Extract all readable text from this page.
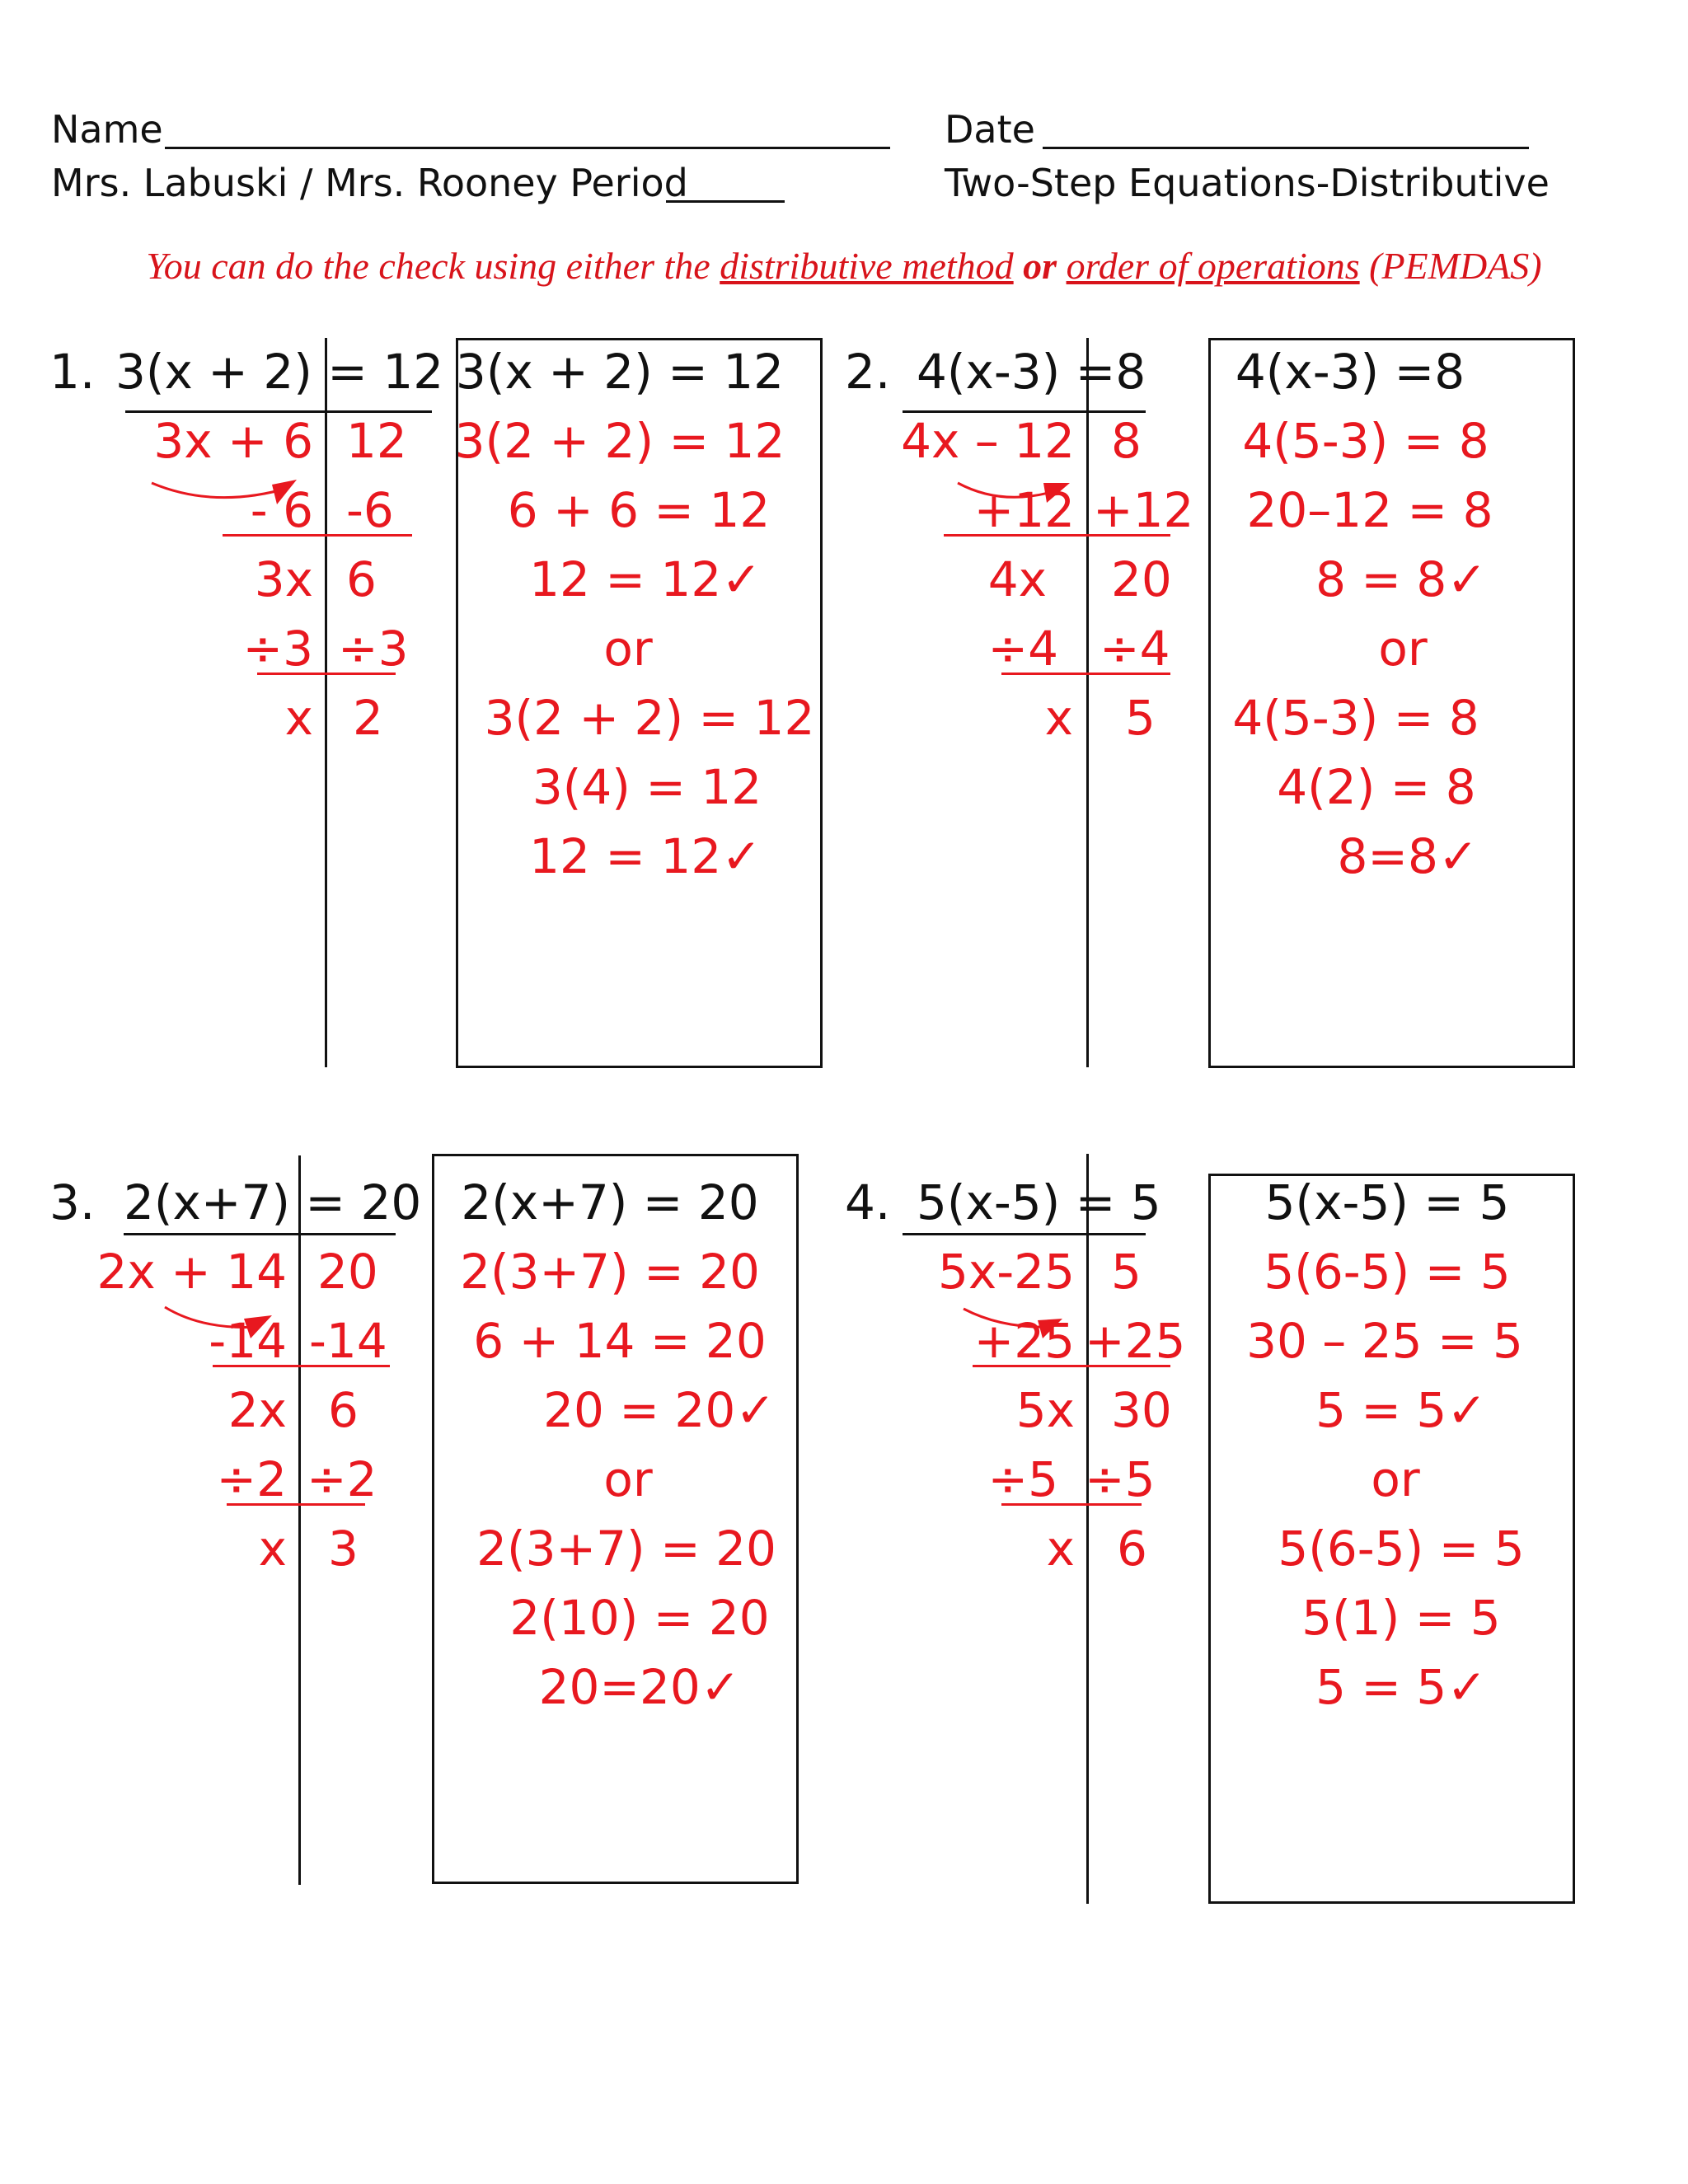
Name	Date
Mrs. Labuski / Mrs. Rooney Period	Two-Step Equations-Distributive
You can do the check using either the distributive method or order of operations (PEMDAS)
1. 3(x + 2) = 12
3x + 6 12
- 6 -6
3x 6
÷3 ÷3
x 2
3(x + 2) = 12
3(2 + 2) = 12
6 + 6 = 12
12 = 12✓
or
3(2 + 2) = 12
3(4) = 12
12 = 12✓
2. 4(x-3) =8
4x – 12 8
+12 +12
4x 20
÷4 ÷4
x 5
4(x-3) =8
4(5-3) = 8
20–12 = 8
8 = 8✓
or
4(5-3) = 8
4(2) = 8
8=8✓
3. 2(x+7) = 20
2x + 14 20
-14 -14
2x 6
÷2 ÷2
x 3
2(x+7) = 20
2(3+7) = 20
6 + 14 = 20
20 = 20✓
or
2(3+7) = 20
2(10) = 20
20=20✓
4. 5(x-5) = 5
5x-25 5
+25 +25
5x 30
÷5 ÷5
x 6
5(x-5) = 5
5(6-5) = 5
30 – 25 = 5
5 = 5✓
or
5(6-5) = 5
5(1) = 5
5 = 5✓
